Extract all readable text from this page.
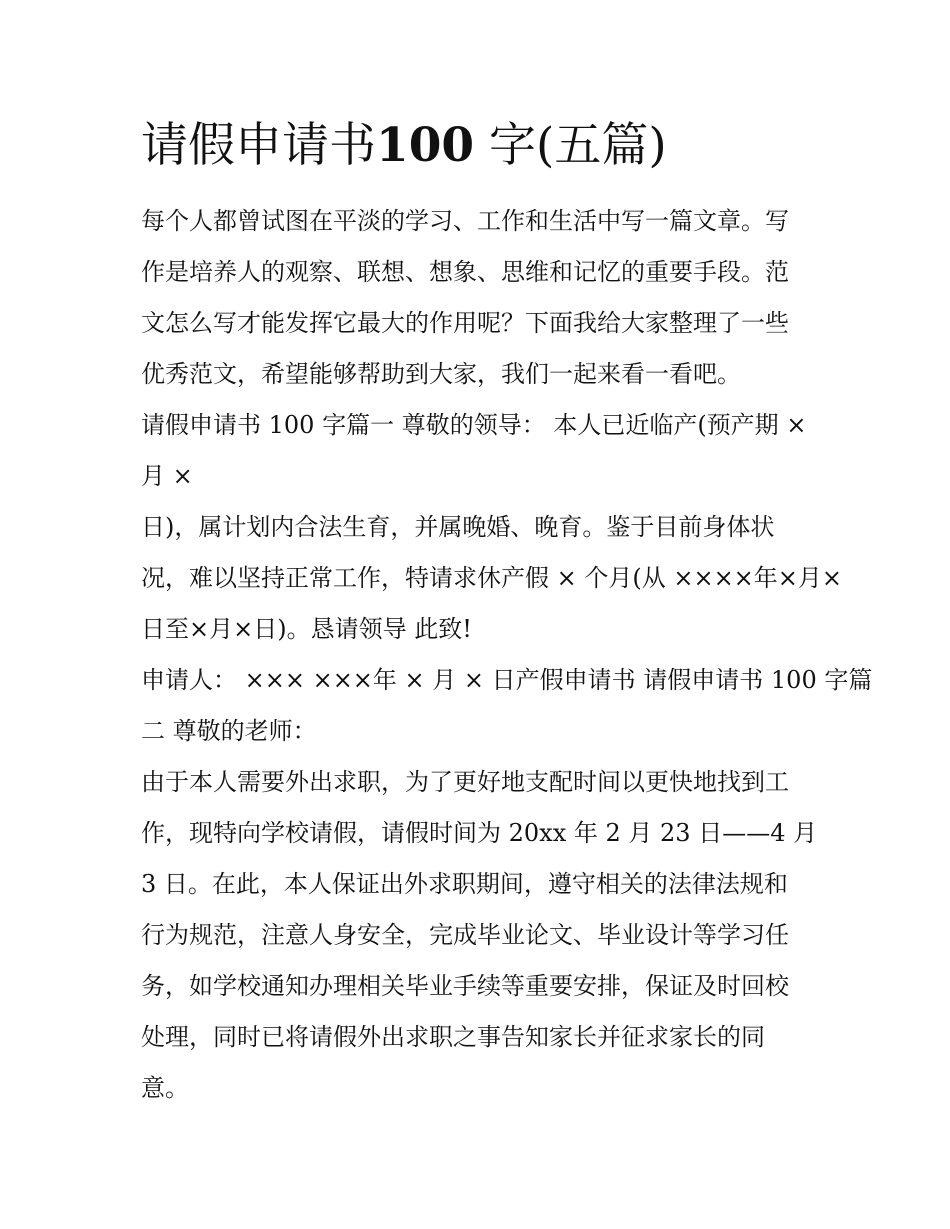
请假申请书100 字(五篇)

每个人都曾试图在平淡的学习、工作和生活中写一篇文章。写

作是培养人的观察、联想、想象、思维和记忆的重要手段。范

文怎么写才能发挥它最大的作用呢？下面我给大家整理了一些

优秀范文，希望能够帮助到大家，我们一起来看一看吧。

请假申请书 100 字篇一 尊敬的领导： 本人已近临产(预产期 ×

月 ×

日)，属计划内合法生育，并属晚婚、晚育。鉴于目前身体状

况，难以坚持正常工作，特请求休产假 × 个月(从 ××××年×月×

日至×月×日)。恳请领导 此致!

申请人： ××× ×××年 × 月 × 日产假申请书 请假申请书 100 字篇

二 尊敬的老师：

由于本人需要外出求职，为了更好地支配时间以更快地找到工

作，现特向学校请假，请假时间为 20xx 年 2 月 23 日——4 月

3 日。在此，本人保证出外求职期间，遵守相关的法律法规和

行为规范，注意人身安全，完成毕业论文、毕业设计等学习任

务，如学校通知办理相关毕业手续等重要安排，保证及时回校

处理，同时已将请假外出求职之事告知家长并征求家长的同

意。
